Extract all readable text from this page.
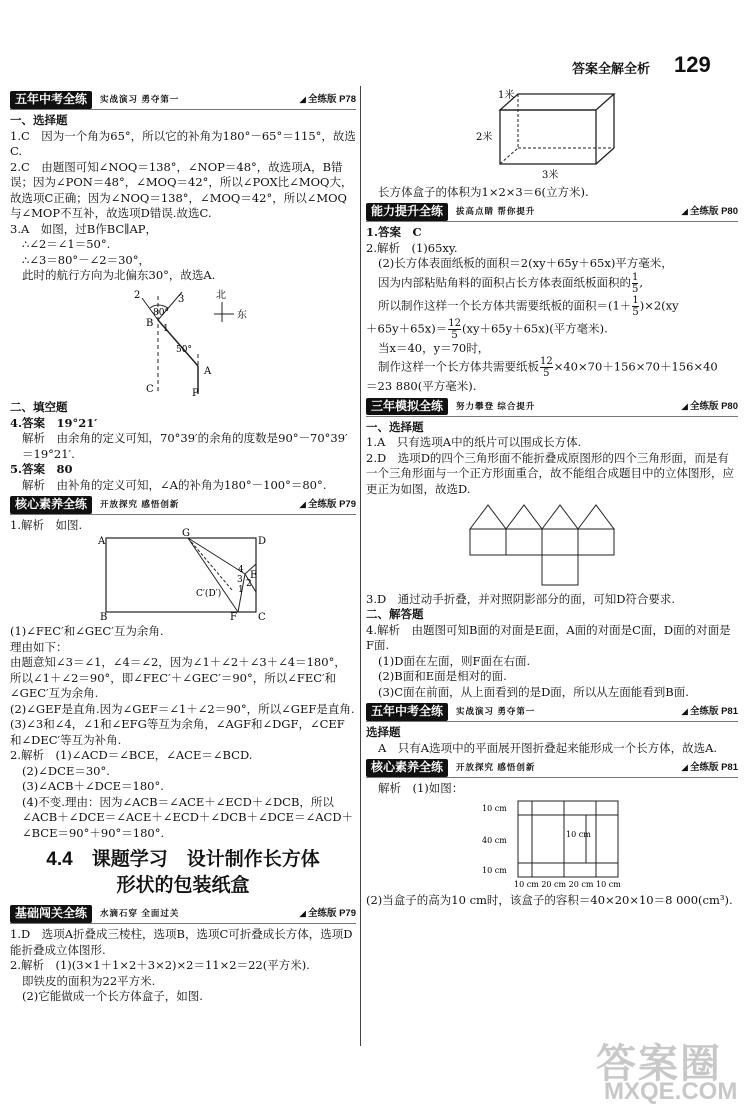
答案全解全析 129
五年中考全练	实战演习 勇夺第一	◢ 全练版 P78

一、选择题

1.C　因为一个角为65°，所以它的补角为180°－65°＝115°，故选C.

2.C　由题图可知∠NOQ＝138°，∠NOP＝48°，故选项A，B错误；因为∠PON＝48°，∠MOQ＝42°，所以∠POX比∠MOQ大，故选项C正确；因为∠NOQ＝138°，∠MOQ＝42°，所以∠MOQ与∠MOP不互补，故选项D错误.故选C.

3.A　如图，过B作BC∥AP，

∴∠2＝∠1＝50°.

∴∠3＝80°－∠2＝30°，

此时的航行方向为北偏东30°，故选A.

2	3
80°
B 1
50°
A
C	P
北
东

二、填空题

4.答案　19°21′

解析　由余角的定义可知，70°39′的余角的度数是90°－70°39′＝19°21′.

5.答案　80

解析　由补角的定义可知，∠A的补角为180°－100°＝80°.

核心素养全练	开放探究 感悟创新	◢ 全练版 P79

1.解析　如图.

A
G
D
B	F C
E
C′(D′)
4
3
1
2

(1)∠FEC′和∠GEC′互为余角.

理由如下：

由题意知∠3＝∠1，∠4＝∠2，因为∠1＋∠2＋∠3＋∠4＝180°，所以∠1＋∠2＝90°，即∠FEC′＋∠GEC′＝90°，所以∠FEC′和∠GEC′互为余角.

(2)∠GEF是直角.因为∠GEF＝∠1＋∠2＝90°，所以∠GEF是直角.

(3)∠3和∠4，∠1和∠EFG等互为余角，∠AGF和∠DGF，∠CEF和∠DEC′等互为补角.

2.解析　(1)∠ACD＝∠BCE，∠ACE＝∠BCD.

(2)∠DCE＝30°.

(3)∠ACB＋∠DCE＝180°.

(4)不变.理由：因为∠ACB＝∠ACE＋∠ECD＋∠DCB，所以∠ACB＋∠DCE＝∠ACE＋∠ECD＋∠DCB＋∠DCE＝∠ACD＋∠BCE＝90°＋90°＝180°.

4.4　课题学习　设计制作长方体
形状的包装纸盒
基础闯关全练	水滴石穿 全面过关	◢ 全练版 P79

1.D　选项A折叠成三棱柱，选项B，选项C可折叠成长方体，选项D能折叠成立体图形.

2.解析　(1)(3×1＋1×2＋3×2)×2＝11×2＝22(平方米).

即铁皮的面积为22平方米.

(2)它能做成一个长方体盒子，如图.

1米
2米
3米

长方体盒子的体积为1×2×3＝6(立方米).

能力提升全练	拔高点睛 帮你提升	◢ 全练版 P80

1.答案　C

2.解析　(1)65xy.

(2)长方体表面纸板的面积＝2(xy＋65y＋65x)平方毫米，

因为内部粘贴角料的面积占长方体表面纸板面积的 $\frac{1}{5}$ ,

所以制作这样一个长方体共需要纸板的面积$=(1+ \frac{1}{5} )\times 2(xy$

$+65y+65x)= \frac{12}{5} (xy+65y+65x)$(平方毫米).

当x＝40，y＝70时，

制作这样一个长方体共需要纸板 $\frac{12}{5} \times 40\times 70+156\times 70+156\times 40$

＝23 880(平方毫米).

三年模拟全练	努力攀登 综合提升	◢ 全练版 P80

一、选择题

1.A　只有选项A中的纸片可以围成长方体.

2.D　选项D的四个三角形面不能折叠成原图形的四个三角形面，而是有一个三角形面与一个正方形面重合，故不能组合成题目中的立体图形，应更正为如图，故选D.

3.D　通过动手折叠，并对照阴影部分的面，可知D符合要求.

二、解答题

4.解析　由题图可知B面的对面是E面，A面的对面是C面，D面的对面是F面.

(1)D面在左面，则F面在右面.

(2)B面和E面是相对的面.

(3)C面在前面，从上面看到的是D面，所以从左面能看到B面.

五年中考全练	实战演习 勇夺第一	◢ 全练版 P81

选择题

A　只有A选项中的平面展开图折叠起来能形成一个长方体，故选A.

核心素养全练	开放探究 感悟创新	◢ 全练版 P81

解析　(1)如图：

10 cm
40 cm
10 cm
10 cm
10 cm 20 cm 20 cm 10 cm

(2)当盒子的高为10 cm时，该盒子的容积＝40×20×10＝8 000(cm³).

答案圈
MXQE.COM
